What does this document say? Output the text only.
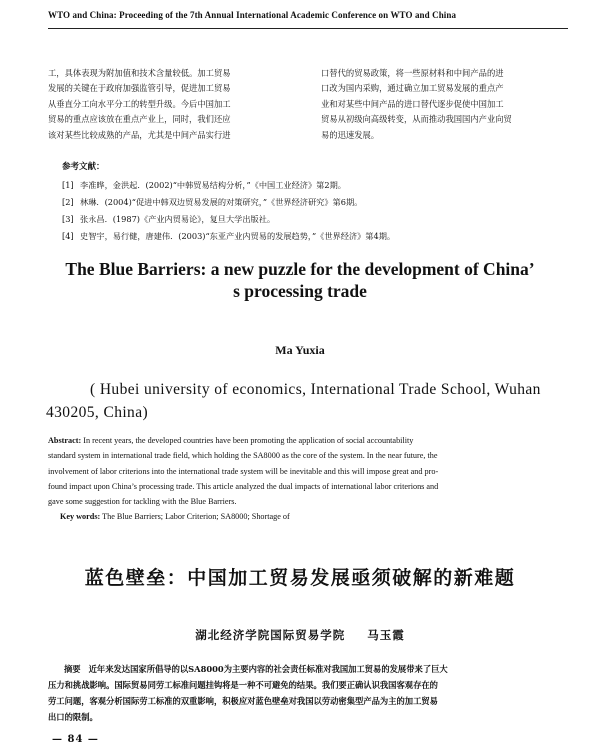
WTO and China: Proceeding of the 7th Annual International Academic Conference on WTO and China
工，具体表现为附加值和技术含量较低。加工贸易
发展的关键在于政府加强监管引导，促进加工贸易
从垂直分工向水平分工的转型升级。今后中国加工
贸易的重点应该放在重点产业上，同时，我们还应
该对某些比较成熟的产品，尤其是中间产品实行进
口替代的贸易政策，将一些原材料和中间产品的进
口改为国内采购，通过确立加工贸易发展的重点产
业和对某些中间产品的进口替代逐步促使中国加工
贸易从初级向高级转变，从而推动我国国内产业向贸
易的迅速发展。
参考文献：
[1] 李准晔，金洪起．(2002)“中韩贸易结构分析，”《中国工业经济》第2期。
[2] 林琳．(2004)“促进中韩双边贸易发展的对策研究，”《世界经济研究》第6期。
[3] 张永昌．(1987)《产业内贸易论》，复旦大学出版社。
[4] 史智宇，易行健，唐建伟．(2003)“东亚产业内贸易的发展趋势，”《世界经济》第4期。
The Blue Barriers: a new puzzle for the development of China’
s processing trade
Ma Yuxia
( Hubei university of economics, International Trade School, Wuhan
430205, China)
Abstract: In recent years, the developed countries have been promoting the application of social accountability
standard system in international trade field, which holding the SA8000 as the core of the system. In the near future, the
involvement of labor criterions into the international trade system will be inevitable and this will impose great and pro-
found impact upon China’s processing trade. This article analyzed the dual impacts of international labor criterions and
gave some suggestion for tackling with the Blue Barriers.
Key words: The Blue Barriers; Labor Criterion; SA8000; Shortage of
蓝色壁垒：中国加工贸易发展亟须破解的新难题
湖北经济学院国际贸易学院 马玉霞
摘要 近年来发达国家所倡导的以SA8000为主要内容的社会责任标准对我国加工贸易的发展带来了巨大
压力和挑战影响。国际贸易同劳工标准问题挂钩将是一种不可避免的结果。我们要正确认识我国客观存在的
劳工问题，客观分析国际劳工标准的双重影响，积极应对蓝色壁垒对我国以劳动密集型产品为主的加工贸易
出口的限制。
— 84 —
